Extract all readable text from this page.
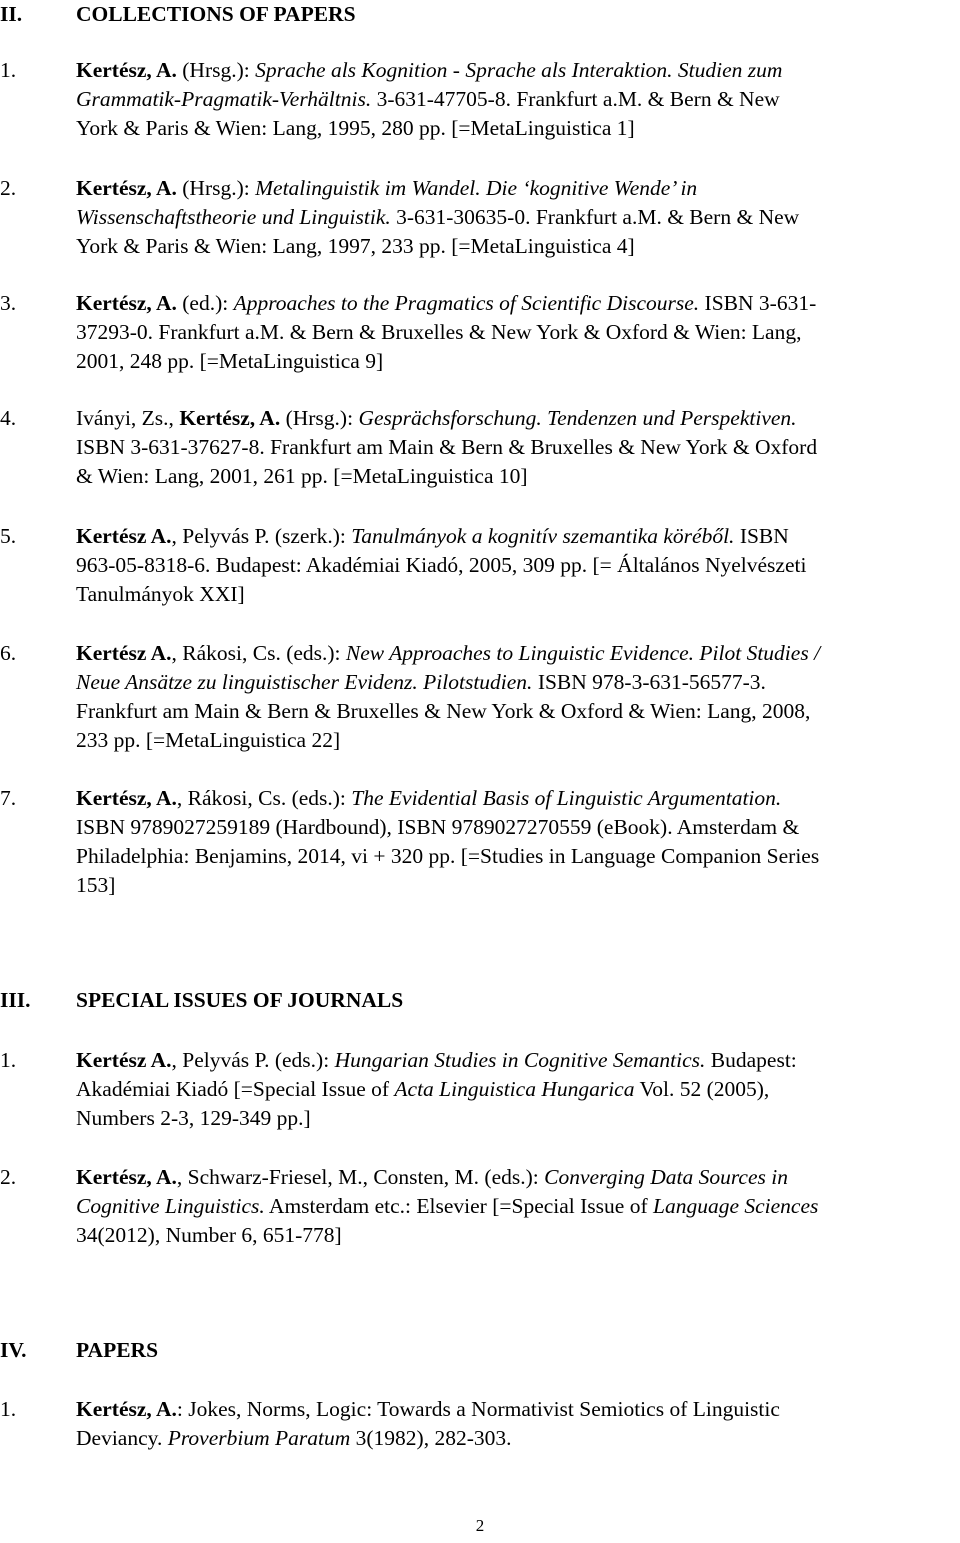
II.	COLLECTIONS OF PAPERS
1.	Kertész, A. (Hrsg.): Sprache als Kognition - Sprache als Interaktion. Studien zum
Grammatik-Pragmatik-Verhältnis. 3-631-47705-8. Frankfurt a.M. & Bern & New
York & Paris & Wien: Lang, 1995, 280 pp. [=MetaLinguistica 1]
2.	Kertész, A. (Hrsg.): Metalinguistik im Wandel. Die ‘kognitive Wende’ in
Wissenschaftstheorie und Linguistik. 3-631-30635-0. Frankfurt a.M. & Bern & New
York & Paris & Wien: Lang, 1997, 233 pp. [=MetaLinguistica 4]
3.	Kertész, A. (ed.): Approaches to the Pragmatics of Scientific Discourse. ISBN 3-631-
37293-0. Frankfurt a.M. & Bern & Bruxelles & New York & Oxford & Wien: Lang,
2001, 248 pp. [=MetaLinguistica 9]
4.	Iványi, Zs., Kertész, A. (Hrsg.): Gesprächsforschung. Tendenzen und Perspektiven.
ISBN 3-631-37627-8. Frankfurt am Main & Bern & Bruxelles & New York & Oxford
& Wien: Lang, 2001, 261 pp. [=MetaLinguistica 10]
5.	Kertész A., Pelyvás P. (szerk.): Tanulmányok a kognitív szemantika köréből. ISBN
963-05-8318-6. Budapest: Akadémiai Kiadó, 2005, 309 pp. [= Általános Nyelvészeti
Tanulmányok XXI]
6.	Kertész A., Rákosi, Cs. (eds.): New Approaches to Linguistic Evidence. Pilot Studies /
Neue Ansätze zu linguistischer Evidenz. Pilotstudien. ISBN 978-3-631-56577-3.
Frankfurt am Main & Bern & Bruxelles & New York & Oxford & Wien: Lang, 2008,
233 pp. [=MetaLinguistica 22]
7.	Kertész, A., Rákosi, Cs. (eds.): The Evidential Basis of Linguistic Argumentation.
ISBN 9789027259189 (Hardbound), ISBN 9789027270559 (eBook). Amsterdam &
Philadelphia: Benjamins, 2014, vi + 320 pp. [=Studies in Language Companion Series
153]
III. SPECIAL ISSUES OF JOURNALS
1.	Kertész A., Pelyvás P. (eds.): Hungarian Studies in Cognitive Semantics. Budapest:
Akadémiai Kiadó [=Special Issue of Acta Linguistica Hungarica Vol. 52 (2005),
Numbers 2-3, 129-349 pp.]
2.	Kertész, A., Schwarz-Friesel, M., Consten, M. (eds.): Converging Data Sources in
Cognitive Linguistics. Amsterdam etc.: Elsevier [=Special Issue of Language Sciences
34(2012), Number 6, 651-778]
IV. PAPERS
1.	Kertész, A.: Jokes, Norms, Logic: Towards a Normativist Semiotics of Linguistic
Deviancy. Proverbium Paratum 3(1982), 282-303.
2
